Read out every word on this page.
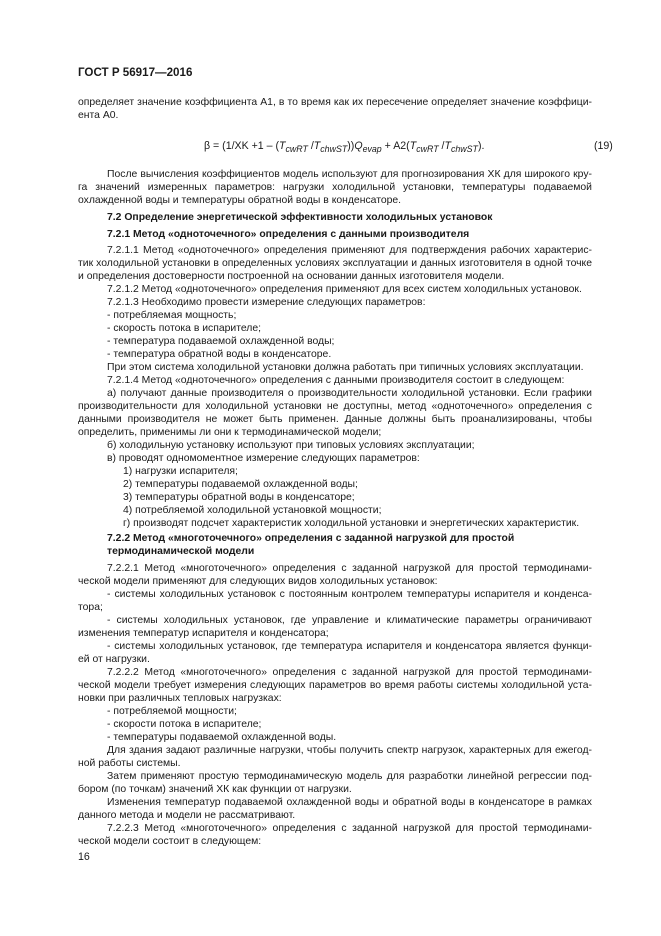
ГОСТ Р 56917—2016
определяет значение коэффициента А1, в то время как их пересечение определяет значение коэффици-
ента А0.
$\beta = (1/XK +1 - (T_{cwRT}$ $/T_{chwST}))Q_{evap} + A2(T_{cwRT}$ $/T_{chwST}$).	(19)
После вычисления коэффициентов модель используют для прогнозирования ХК для широкого кру-
га значений измеренных параметров: нагрузки холодильной установки, температуры подаваемой
охлажденной воды и температуры обратной воды в конденсаторе.
7.2 Определение энергетической эффективности холодильных установок
7.2.1 Метод «одноточечного» определения с данными производителя
7.2.1.1 Метод «одноточечного» определения применяют для подтверждения рабочих характерис-
тик холодильной установки в определенных условиях эксплуатации и данных изготовителя в одной точке
и определения достоверности построенной на основании данных изготовителя модели.
7.2.1.2 Метод «одноточечного» определения применяют для всех систем холодильных установок.
7.2.1.3 Необходимо провести измерение следующих параметров:
- потребляемая мощность;
- скорость потока в испарителе;
- температура подаваемой охлажденной воды;
- температура обратной воды в конденсаторе.
При этом система холодильной установки должна работать при типичных условиях эксплуатации.
7.2.1.4 Метод «одноточечного» определения с данными производителя состоит в следующем:
а) получают данные производителя о производительности холодильной установки. Если графики
производительности для холодильной установки не доступны, метод «одноточечного» определения с
данными производителя не может быть применен. Данные должны быть проанализированы, чтобы
определить, применимы ли они к термодинамической модели;
б) холодильную установку используют при типовых условиях эксплуатации;
в) проводят одномоментное измерение следующих параметров:
1) нагрузки испарителя;
2) температуры подаваемой охлажденной воды;
3) температуры обратной воды в конденсаторе;
4) потребляемой холодильной установкой мощности;
г) производят подсчет характеристик холодильной установки и энергетических характеристик.
7.2.2 Метод «многоточечного» определения с заданной нагрузкой для простой
термодинамической модели
7.2.2.1 Метод «многоточечного» определения с заданной нагрузкой для простой термодинами-
ческой модели применяют для следующих видов холодильных установок:
- системы холодильных установок с постоянным контролем температуры испарителя и конденса-
тора;
- системы холодильных установок, где управление и климатические параметры ограничивают
изменения температур испарителя и конденсатора;
- системы холодильных установок, где температура испарителя и конденсатора является функци-
ей от нагрузки.
7.2.2.2 Метод «многоточечного» определения с заданной нагрузкой для простой термодинами-
ческой модели требует измерения следующих параметров во время работы системы холодильной уста-
новки при различных тепловых нагрузках:
- потребляемой мощности;
- скорости потока в испарителе;
- температуры подаваемой охлажденной воды.
Для здания задают различные нагрузки, чтобы получить спектр нагрузок, характерных для ежегод-
ной работы системы.
Затем применяют простую термодинамическую модель для разработки линейной регрессии под-
бором (по точкам) значений ХК как функции от нагрузки.
Изменения температур подаваемой охлажденной воды и обратной воды в конденсаторе в рамках
данного метода и модели не рассматривают.
7.2.2.3 Метод «многоточечного» определения с заданной нагрузкой для простой термодинами-
ческой модели состоит в следующем:
16
